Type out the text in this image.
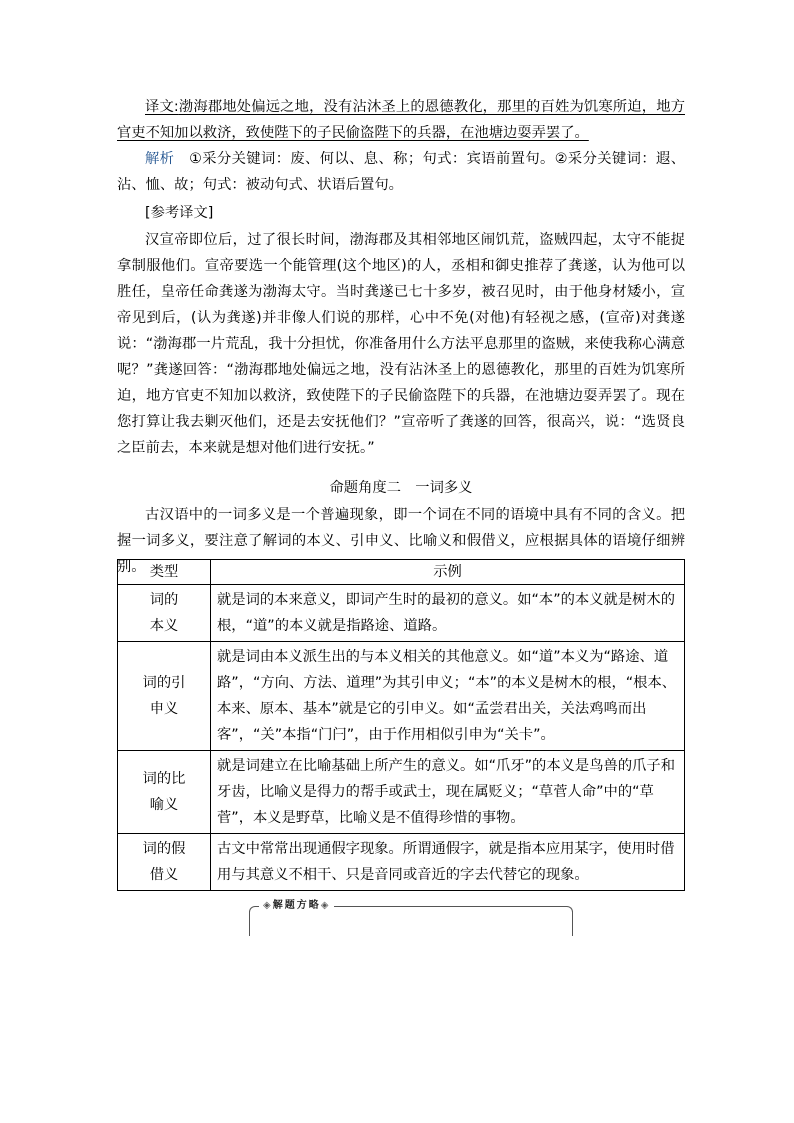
译文:渤海郡地处偏远之地，没有沾沐圣上的恩德教化，那里的百姓为饥寒所迫，地方官吏不知加以救济，致使陛下的子民偷盗陛下的兵器，在池塘边耍弄罢了。
解析　 ①采分关键词：废、何以、息、称；句式：宾语前置句。②采分关键词：遐、沾、恤、故；句式：被动句式、状语后置句。
[参考译文]
汉宣帝即位后，过了很长时间，渤海郡及其相邻地区闹饥荒，盗贼四起，太守不能捉拿制服他们。宣帝要选一个能管理(这个地区)的人，丞相和御史推荐了龚遂，认为他可以胜任，皇帝任命龚遂为渤海太守。当时龚遂已七十多岁，被召见时，由于他身材矮小，宣帝见到后，(认为龚遂)并非像人们说的那样，心中不免(对他)有轻视之感，(宣帝)对龚遂说：“渤海郡一片荒乱，我十分担忧，你准备用什么方法平息那里的盗贼，来使我称心满意呢？”龚遂回答：“渤海郡地处偏远之地，没有沾沐圣上的恩德教化，那里的百姓为饥寒所迫，地方官吏不知加以救济，致使陛下的子民偷盗陛下的兵器，在池塘边耍弄罢了。现在您打算让我去剿灭他们，还是去安抚他们？”宣帝听了龚遂的回答，很高兴，说：“选贤良之臣前去，本来就是想对他们进行安抚。”
命题角度二　一词多义
古汉语中的一词多义是一个普遍现象，即一个词在不同的语境中具有不同的含义。把握一词多义，要注意了解词的本义、引申义、比喻义和假借义，应根据具体的语境仔细辨别。 类型	示例

词的本义	就是词的本来意义，即词产生时的最初的意义。如“本”的本义就是树木的根，“道”的本义就是指路途、道路。

词的引申义	就是词由本义派生出的与本义相关的其他意义。如“道”本义为“路途、道路”，“方向、方法、道理”为其引申义；“本”的本义是树木的根，“根本、本来、原本、基本”就是它的引申义。如“孟尝君出关，关法鸡鸣而出客”，“关”本指“门闩”，由于作用相似引申为“关卡”。

词的比喻义	就是词建立在比喻基础上所产生的意义。如“爪牙”的本义是鸟兽的爪子和牙齿，比喻义是得力的帮手或武士，现在属贬义；“草菅人命”中的“草菅”，本义是野草，比喻义是不值得珍惜的事物。

词的假借义	古文中常常出现通假字现象。所谓通假字，就是指本应用某字，使用时借用与其意义不相干、只是音同或音近的字去代替它的现象。
◈解题方略◈
